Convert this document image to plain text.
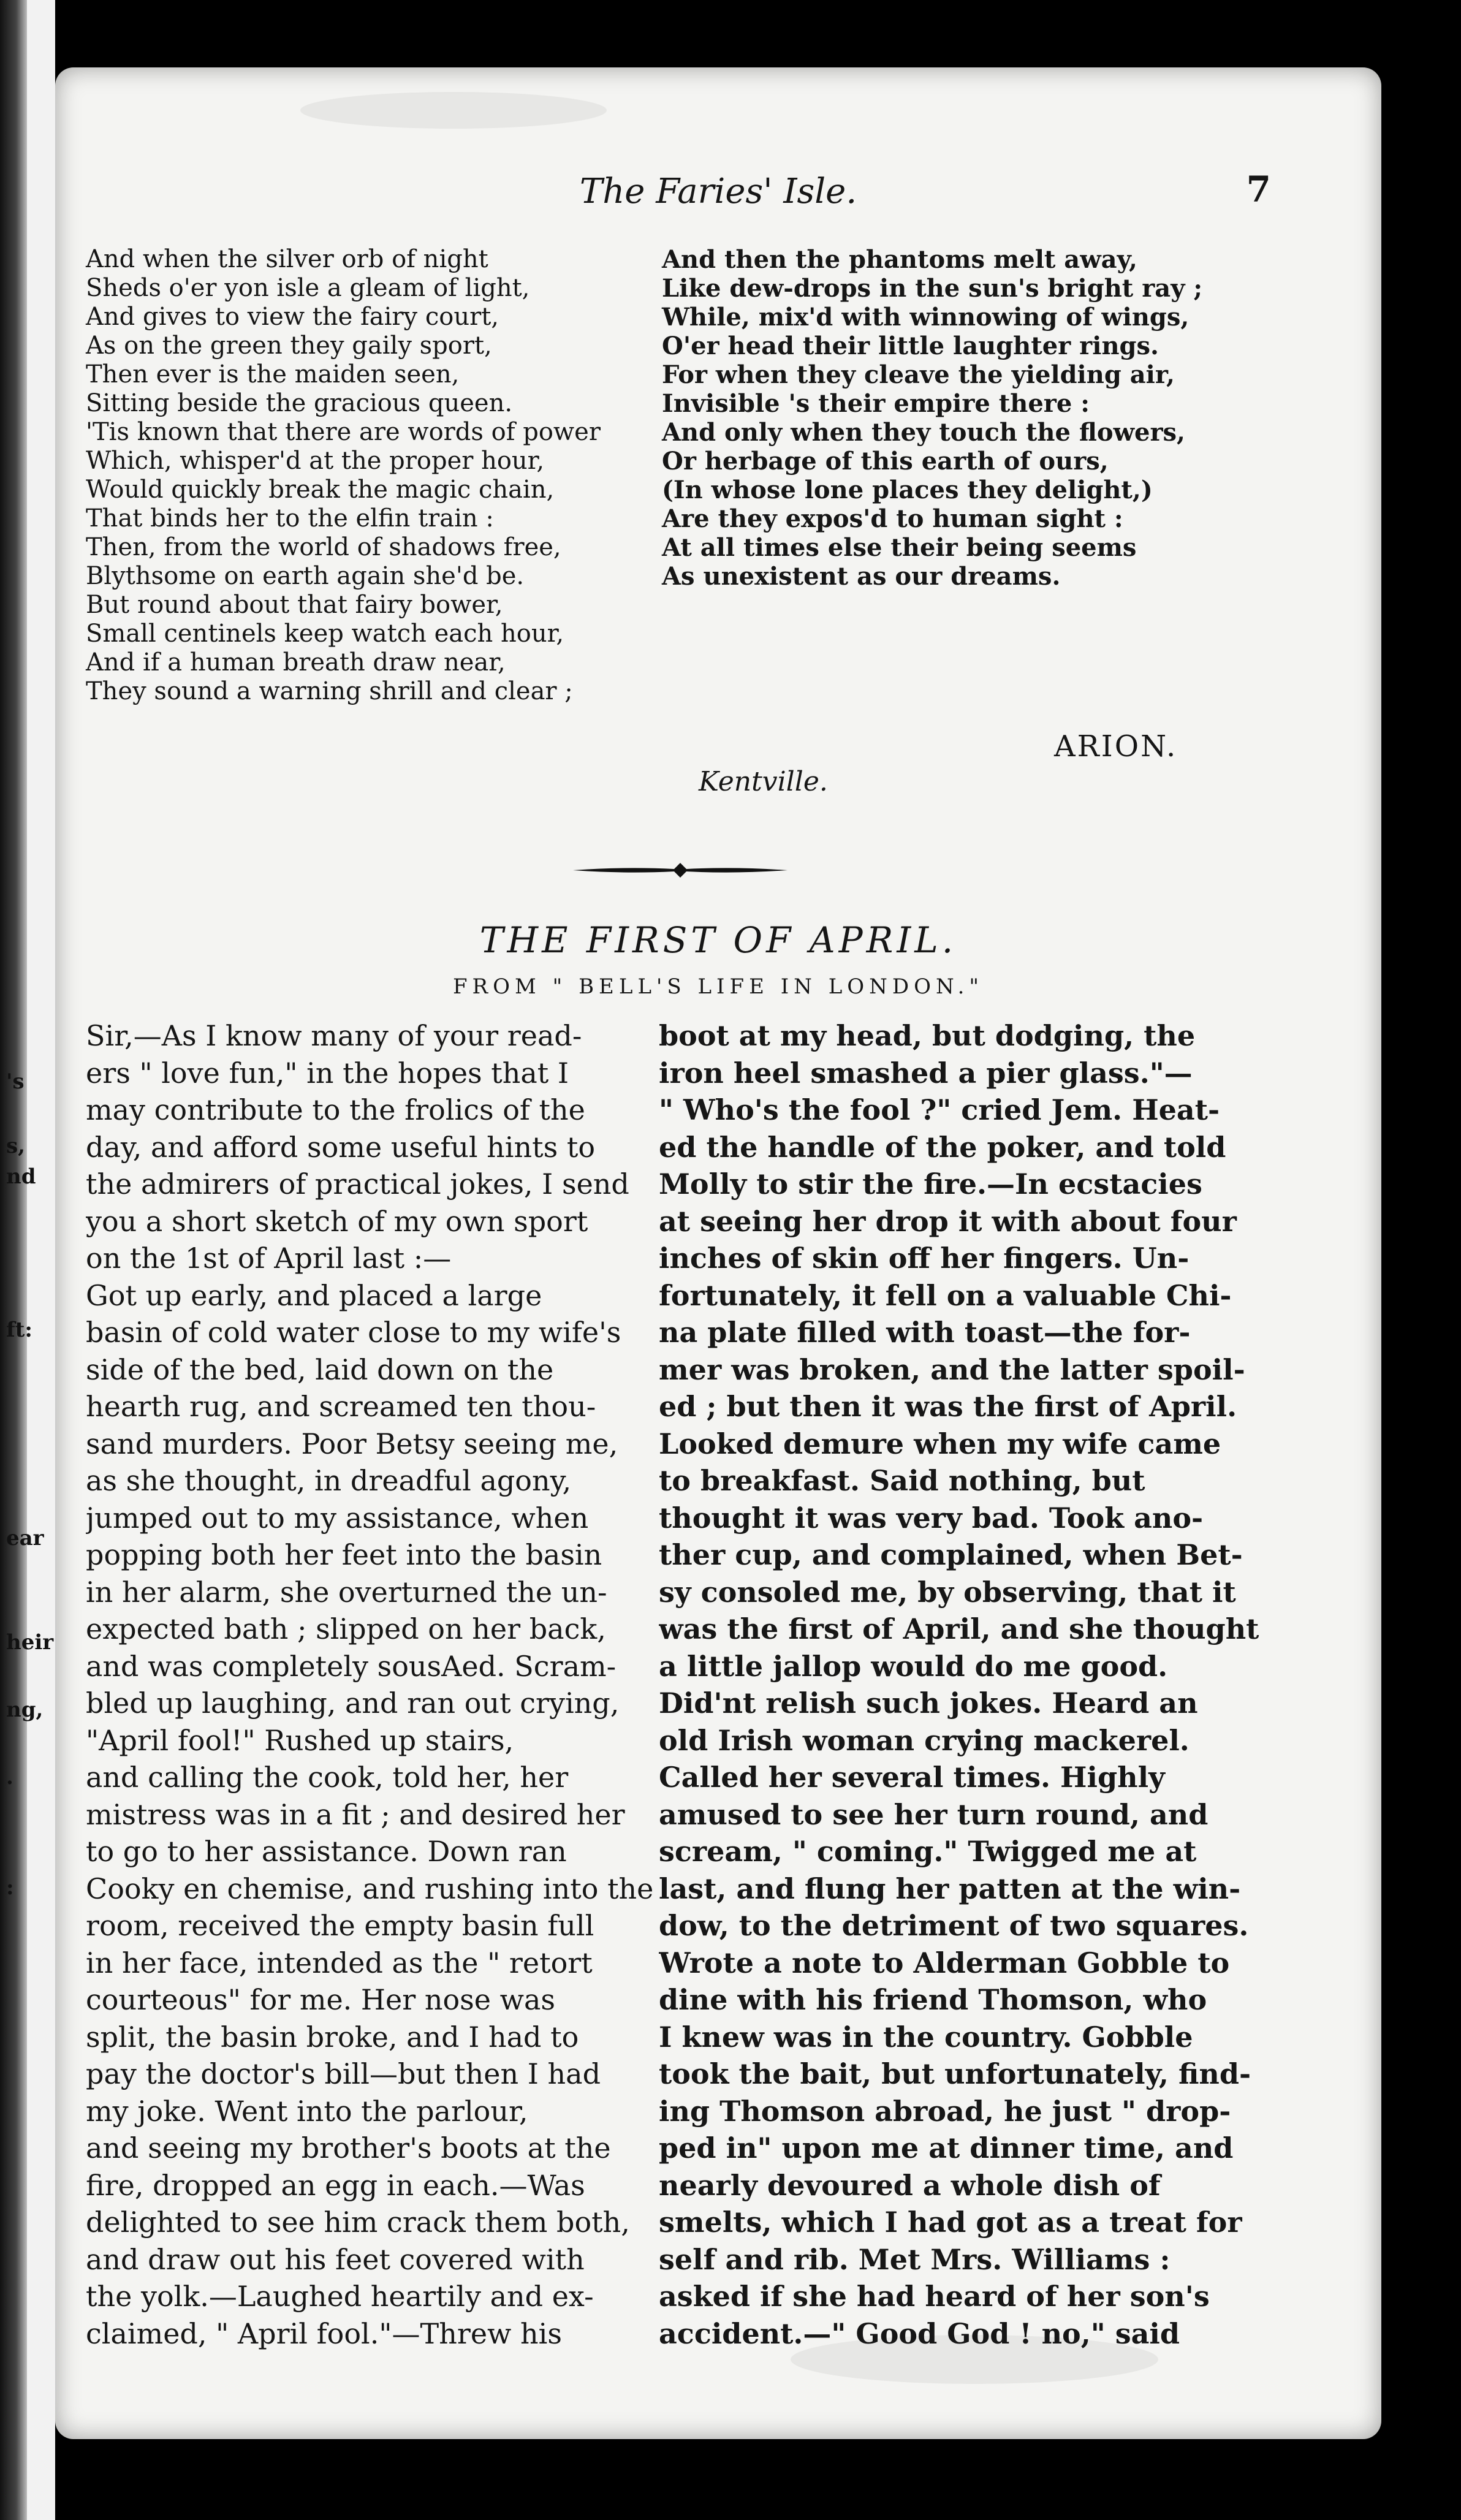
's
s,
nd
ft:
ear
heir
ng,
.
:
The Faries' Isle.	7
And when the silver orb of night
Sheds o'er yon isle a gleam of light,
And gives to view the fairy court,
As on the green they gaily sport,
Then ever is the maiden seen,
Sitting beside the gracious queen.
'Tis known that there are words of power
Which, whisper'd at the proper hour,
Would quickly break the magic chain,
That binds her to the elfin train :
Then, from the world of shadows free,
Blythsome on earth again she'd be.
But round about that fairy bower,
Small centinels keep watch each hour,
And if a human breath draw near,
They sound a warning shrill and clear ;
And then the phantoms melt away,
Like dew-drops in the sun's bright ray ;
While, mix'd with winnowing of wings,
O'er head their little laughter rings.
For when they cleave the yielding air,
Invisible 's their empire there :
And only when they touch the flowers,
Or herbage of this earth of ours,
(In whose lone places they delight,)
Are they expos'd to human sight :
At all times else their being seems
As unexistent as our dreams.
ARION.
Kentville.
THE FIRST OF APRIL.
FROM " BELL'S LIFE IN LONDON."
Sir,—As I know many of your read-
ers " love fun," in the hopes that I
may contribute to the frolics of the
day, and afford some useful hints to
the admirers of practical jokes, I send
you a short sketch of my own sport
on the 1st of April last :—
Got up early, and placed a large
basin of cold water close to my wife's
side of the bed, laid down on the
hearth rug, and screamed ten thou-
sand murders. Poor Betsy seeing me,
as she thought, in dreadful agony,
jumped out to my assistance, when
popping both her feet into the basin
in her alarm, she overturned the un-
expected bath ; slipped on her back,
and was completely sousAed. Scram-
bled up laughing, and ran out crying,
"April fool!" Rushed up stairs,
and calling the cook, told her, her
mistress was in a fit ; and desired her
to go to her assistance. Down ran
Cooky en chemise, and rushing into the
room, received the empty basin full
in her face, intended as the " retort
courteous" for me. Her nose was
split, the basin broke, and I had to
pay the doctor's bill—but then I had
my joke. Went into the parlour,
and seeing my brother's boots at the
fire, dropped an egg in each.—Was
delighted to see him crack them both,
and draw out his feet covered with
the yolk.—Laughed heartily and ex-
claimed, " April fool."—Threw his
boot at my head, but dodging, the
iron heel smashed a pier glass."—
" Who's the fool ?" cried Jem. Heat-
ed the handle of the poker, and told
Molly to stir the fire.—In ecstacies
at seeing her drop it with about four
inches of skin off her fingers. Un-
fortunately, it fell on a valuable Chi-
na plate filled with toast—the for-
mer was broken, and the latter spoil-
ed ; but then it was the first of April.
Looked demure when my wife came
to breakfast. Said nothing, but
thought it was very bad. Took ano-
ther cup, and complained, when Bet-
sy consoled me, by observing, that it
was the first of April, and she thought
a little jallop would do me good.
Did'nt relish such jokes. Heard an
old Irish woman crying mackerel.
Called her several times. Highly
amused to see her turn round, and
scream, " coming." Twigged me at
last, and flung her patten at the win-
dow, to the detriment of two squares.
Wrote a note to Alderman Gobble to
dine with his friend Thomson, who
I knew was in the country. Gobble
took the bait, but unfortunately, find-
ing Thomson abroad, he just " drop-
ped in" upon me at dinner time, and
nearly devoured a whole dish of
smelts, which I had got as a treat for
self and rib. Met Mrs. Williams :
asked if she had heard of her son's
accident.—" Good God ! no," said
